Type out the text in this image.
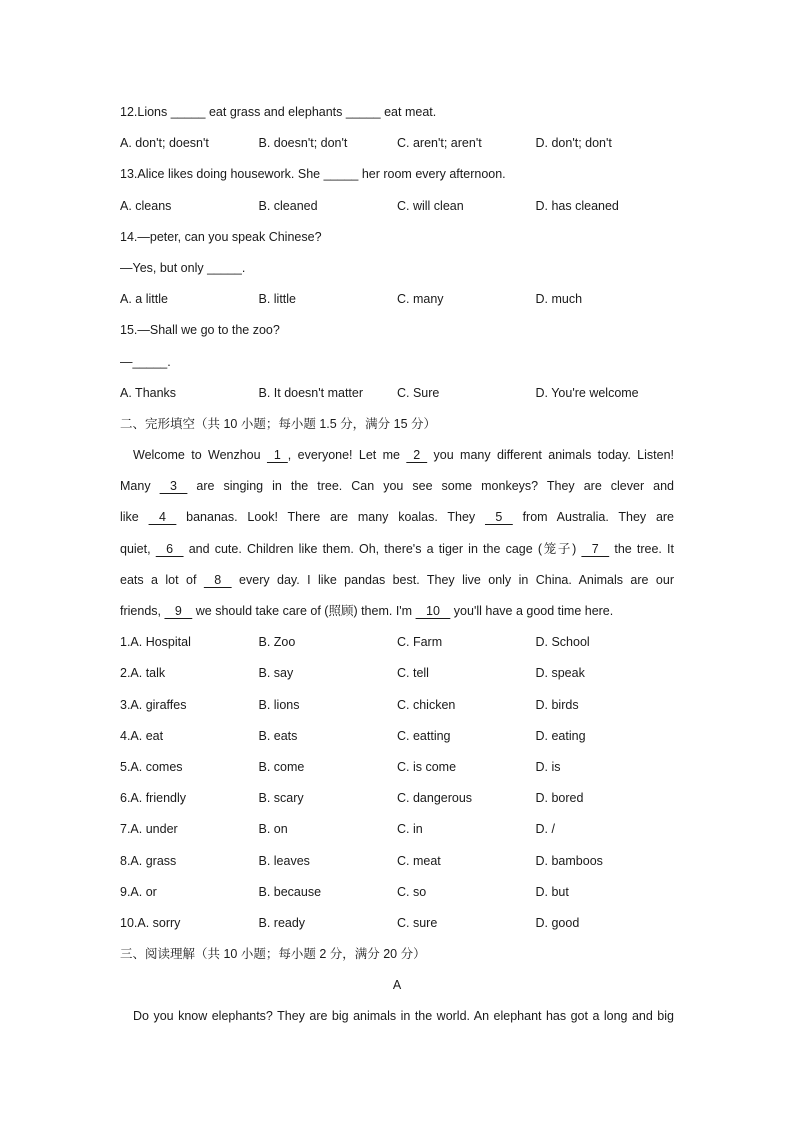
12.Lions _____ eat grass and elephants _____ eat meat.
A. don't; doesn't	B. doesn't; don't	C. aren't; aren't	D. don't; don't
13.Alice likes doing housework. She _____ her room every afternoon.
A. cleans	B. cleaned	C. will clean	D. has cleaned
14.—peter, can you speak Chinese?
—Yes, but only _____.
A. a little	B. little	C. many	D. much
15.—Shall we go to the zoo?
—_____.
A. Thanks	B. It doesn't matter	C. Sure	D. You're welcome
二、完形填空（共 10 小题；每小题 1.5 分，满分 15 分）
Welcome to Wenzhou   1  , everyone! Let me   2   you many different animals today. Listen!
Many    3    are singing in the tree. Can you see some monkeys? They are clever and
like    4    bananas. Look! There are many koalas. They    5    from Australia. They are
quiet,    6    and cute. Children like them. Oh, there's a tiger in the cage (笼子)    7    the tree. It
eats a lot of    8    every day. I like pandas best. They live only in China. Animals are our
friends,    9    we should take care of (照顾) them. I'm    10    you'll have a good time here.
1.A. Hospital	B. Zoo	C. Farm	D. School
2.A. talk	B. say	C. tell	D. speak
3.A. giraffes	B. lions	C. chicken	D. birds
4.A. eat	B. eats	C. eatting	D. eating
5.A. comes	B. come	C. is come	D. is
6.A. friendly	B. scary	C. dangerous	D. bored
7.A. under	B. on	C. in	D. /
8.A. grass	B. leaves	C. meat	D. bamboos
9.A. or	B. because	C. so	D. but
10.A. sorry	B. ready	C. sure	D. good
三、阅读理解（共 10 小题；每小题 2 分，满分 20 分）
A
Do you know elephants? They are big animals in the world. An elephant has got a long and big
